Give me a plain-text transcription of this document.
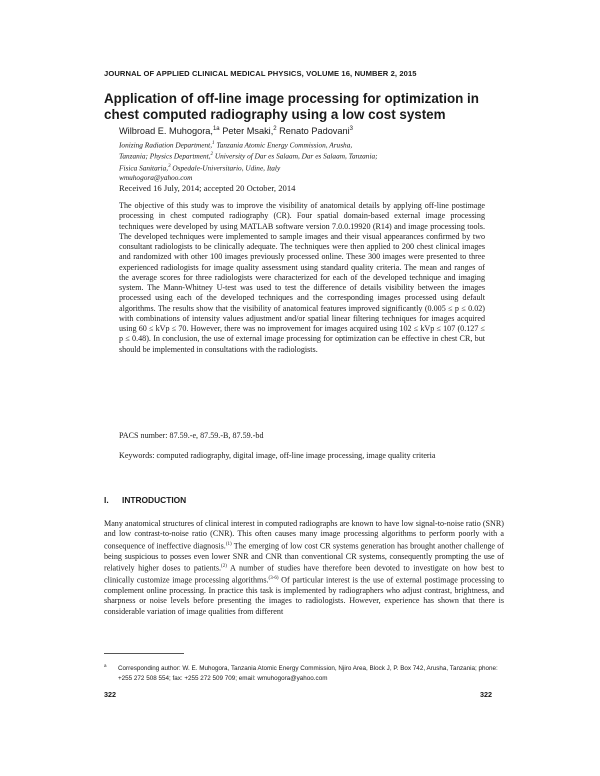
JOURNAL OF APPLIED CLINICAL MEDICAL PHYSICS, VOLUME 16, NUMBER 2, 2015
Application of off-line image processing for optimization in chest computed radiography using a low cost system
Wilbroad E. Muhogora,$^{1a}$ Peter Msaki,$^2$ Renato Padovani$^3$
Ionizing Radiation Department,$^1$ Tanzania Atomic Energy Commission, Arusha,
Tanzania; Physics Department,$^2$ University of Dar es Salaam, Dar es Salaam, Tanzania;
Fisica Sanitaria,$^3$ Ospedale-Universitario, Udine, Italy
wmuhogora@yahoo.com
Received 16 July, 2014; accepted 20 October, 2014
The objective of this study was to improve the visibility of anatomical details by applying off-line postimage processing in chest computed radiography (CR). Four spatial domain-based external image processing techniques were developed by using MATLAB software version 7.0.0.19920 (R14) and image processing tools. The developed techniques were implemented to sample images and their visual appearances confirmed by two consultant radiologists to be clinically adequate. The techniques were then applied to 200 chest clinical images and randomized with other 100 images previously processed online. These 300 images were presented to three experienced radiologists for image quality assessment using standard quality criteria. The mean and ranges of the average scores for three radiologists were characterized for each of the developed technique and imaging system. The Mann-Whitney U-test was used to test the difference of details visibility between the images processed using each of the developed techniques and the corresponding images processed using default algorithms. The results show that the visibility of anatomical features improved significantly (0.005 ≤ p ≤ 0.02) with combinations of intensity values adjustment and/or spatial linear filtering techniques for images acquired using 60 ≤ kVp ≤ 70. However, there was no improvement for images acquired using 102 ≤ kVp ≤ 107 (0.127 ≤ p ≤ 0.48). In conclusion, the use of external image processing for optimization can be effective in chest CR, but should be implemented in consultations with the radiologists.
PACS number: 87.59.-e, 87.59.-B, 87.59.-bd
Keywords: computed radiography, digital image, off-line image processing, image quality criteria
I. INTRODUCTION
Many anatomical structures of clinical interest in computed radiographs are known to have low signal-to-noise ratio (SNR) and low contrast-to-noise ratio (CNR). This often causes many image processing algorithms to perform poorly with a consequence of ineffective diagnosis.$^{(1)}$ The emerging of low cost CR systems generation has brought another challenge of being suspicious to posses even lower SNR and CNR than conventional CR systems, consequently prompting the use of relatively higher doses to patients.$^{(2)}$ A number of studies have therefore been devoted to investigate on how best to clinically customize image processing algorithms.$^{(3-6)}$ Of particular interest is the use of external postimage processing to complement online processing. In practice this task is implemented by radiographers who adjust contrast, brightness, and sharpness or noise levels before presenting the images to radiologists. However, experience has shown that there is considerable variation of image qualities from different
$^a$ Corresponding author: W. E. Muhogora, Tanzania Atomic Energy Commission, Njiro Area, Block J, P. Box 742, Arusha, Tanzania; phone: +255 272 508 554; fax: +255 272 509 709; email: wmuhogora@yahoo.com
322	322
